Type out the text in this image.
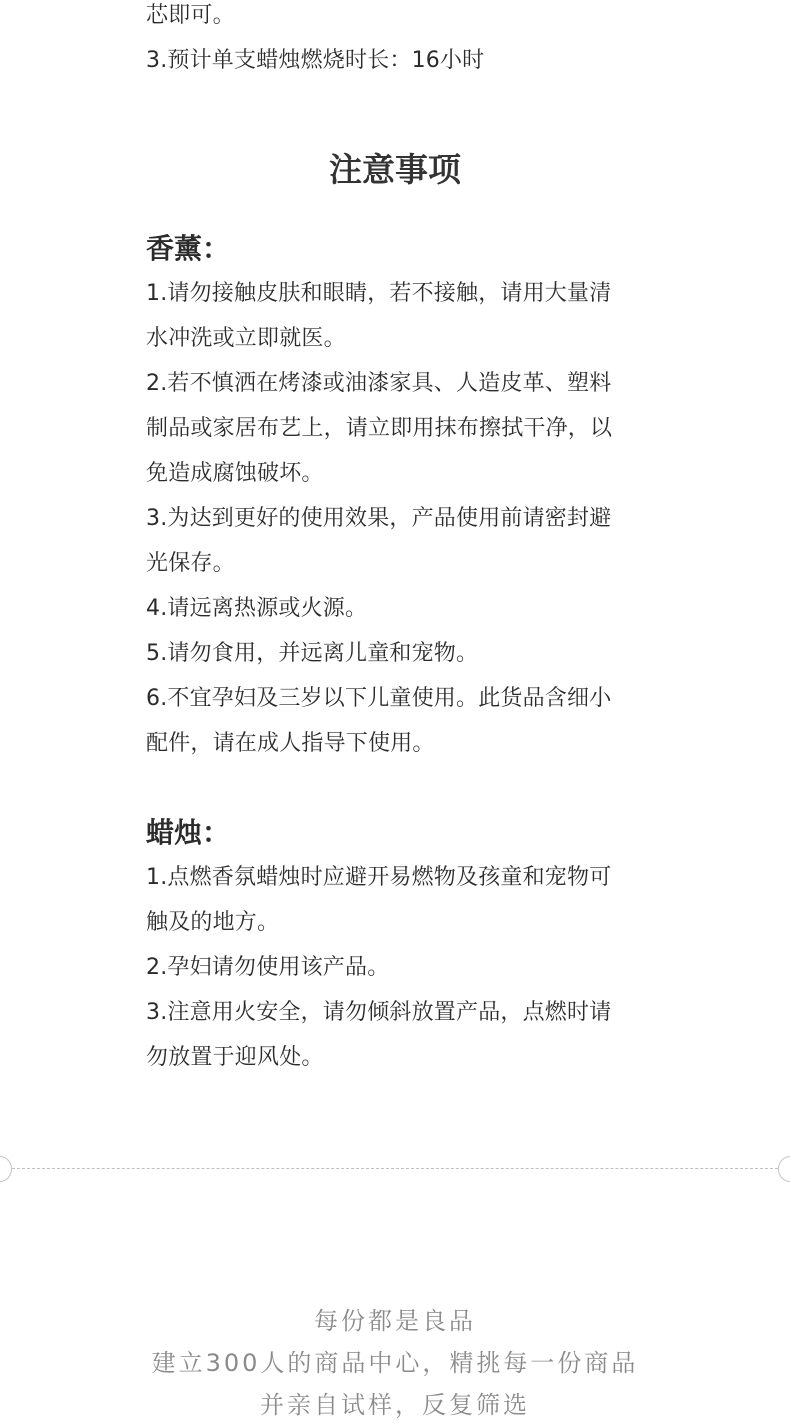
芯即可。
3.预计单支蜡烛燃烧时长：16小时
注意事项
香薰：
1.请勿接触皮肤和眼睛，若不接触，请用大量清
水冲洗或立即就医。
2.若不慎洒在烤漆或油漆家具、人造皮革、塑料
制品或家居布艺上，请立即用抹布擦拭干净，以
免造成腐蚀破坏。
3.为达到更好的使用效果，产品使用前请密封避
光保存。
4.请远离热源或火源。
5.请勿食用，并远离儿童和宠物。
6.不宜孕妇及三岁以下儿童使用。此货品含细小
配件，请在成人指导下使用。
蜡烛：
1.点燃香氛蜡烛时应避开易燃物及孩童和宠物可
触及的地方。
2.孕妇请勿使用该产品。
3.注意用火安全，请勿倾斜放置产品，点燃时请
勿放置于迎风处。
每份都是良品
建立300人的商品中心，精挑每一份商品
并亲自试样，反复筛选
